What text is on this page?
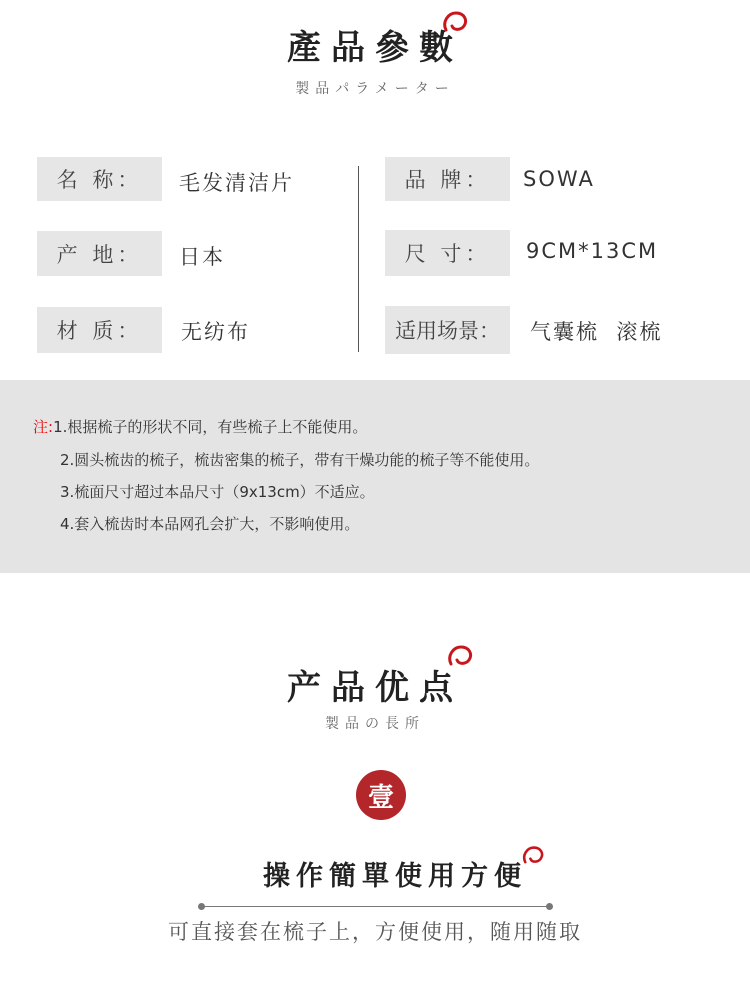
產品參數
製品パラメーター
名 称：	毛发清洁片
产 地：	日本
材 质：	无纺布
品 牌：	SOWA
尺 寸：	9CM*13CM
适用场景：	气囊梳  滚梳
注:1.根据梳子的形状不同，有些梳子上不能使用。
2.圆头梳齿的梳子，梳齿密集的梳子，带有干燥功能的梳子等不能使用。
3.梳面尺寸超过本品尺寸（9x13cm）不适应。
4.套入梳齿时本品网孔会扩大，不影响使用。
产品优点
製品の長所
壹
操作簡單使用方便
可直接套在梳子上，方便使用，随用随取
